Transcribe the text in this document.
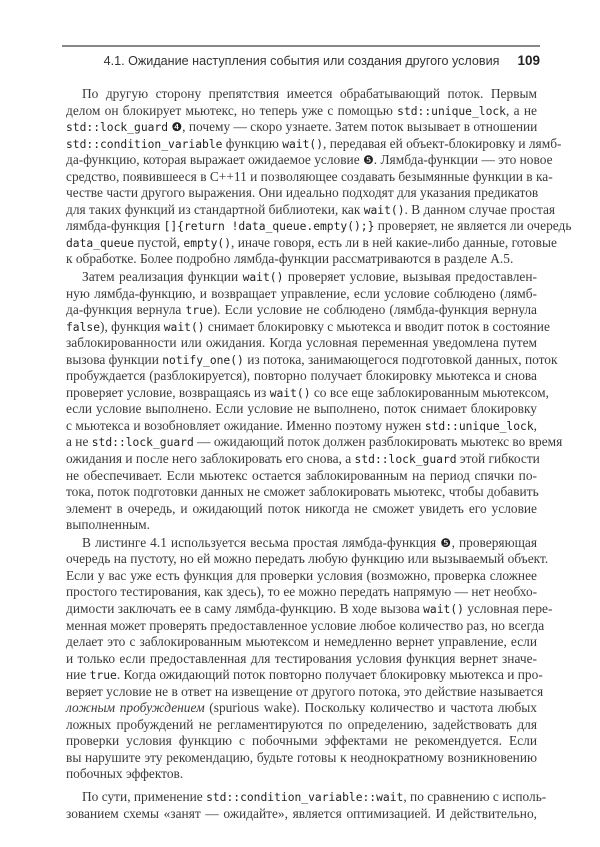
4.1. Ожидание наступления события или создания другого условия 109
По другую сторону препятствия имеется обрабатывающий поток. Первым
делом он блокирует мьютекс, но теперь уже с помощью std::unique_lock, а не
std::lock_guard ❹, почему — скоро узнаете. Затем поток вызывает в отношении
std::condition_variable функцию wait(), передавая ей объект-блокировку и лямб-
да-функцию, которая выражает ожидаемое условие ❺. Лямбда-функции — это новое
средство, появившееся в C++11 и позволяющее создавать безымянные функции в ка-
честве части другого выражения. Они идеально подходят для указания предикатов
для таких функций из стандартной библиотеки, как wait(). В данном случае простая
лямбда-функция []{return !data_queue.empty();} проверяет, не является ли очередь
data_queue пустой, empty(), иначе говоря, есть ли в ней какие-либо данные, готовые
к обработке. Более подробно лямбда-функции рассматриваются в разделе A.5.
Затем реализация функции wait() проверяет условие, вызывая предоставлен-
ную лямбда-функцию, и возвращает управление, если условие соблюдено (лямб-
да-функция вернула true). Если условие не соблюдено (лямбда-функция вернула
false), функция wait() снимает блокировку с мьютекса и вводит поток в состояние
заблокированности или ожидания. Когда условная переменная уведомлена путем
вызова функции notify_one() из потока, занимающегося подготовкой данных, поток
пробуждается (разблокируется), повторно получает блокировку мьютекса и снова
проверяет условие, возвращаясь из wait() со все еще заблокированным мьютексом,
если условие выполнено. Если условие не выполнено, поток снимает блокировку
с мьютекса и возобновляет ожидание. Именно поэтому нужен std::unique_lock,
а не std::lock_guard — ожидающий поток должен разблокировать мьютекс во время
ожидания и после него заблокировать его снова, а std::lock_guard этой гибкости
не обеспечивает. Если мьютекс остается заблокированным на период спячки по-
тока, поток подготовки данных не сможет заблокировать мьютекс, чтобы добавить
элемент в очередь, и ожидающий поток никогда не сможет увидеть его условие
выполненным.
В листинге 4.1 используется весьма простая лямбда-функция ❺, проверяющая
очередь на пустоту, но ей можно передать любую функцию или вызываемый объект.
Если у вас уже есть функция для проверки условия (возможно, проверка сложнее
простого тестирования, как здесь), то ее можно передать напрямую — нет необхо-
димости заключать ее в саму лямбда-функцию. В ходе вызова wait() условная пере-
менная может проверять предоставленное условие любое количество раз, но всегда
делает это с заблокированным мьютексом и немедленно вернет управление, если
и только если предоставленная для тестирования условия функция вернет значе-
ние true. Когда ожидающий поток повторно получает блокировку мьютекса и про-
веряет условие не в ответ на извещение от другого потока, это действие называется
ложным пробуждением (spurious wake). Поскольку количество и частота любых
ложных пробуждений не регламентируются по определению, задействовать для
проверки условия функцию с побочными эффектами не рекомендуется. Если
вы нарушите эту рекомендацию, будьте готовы к неоднократному возникновению
побочных эффектов.
По сути, применение std::condition_variable::wait, по сравнению с исполь-
зованием схемы «занят — ожидайте», является оптимизацией. И действительно,
